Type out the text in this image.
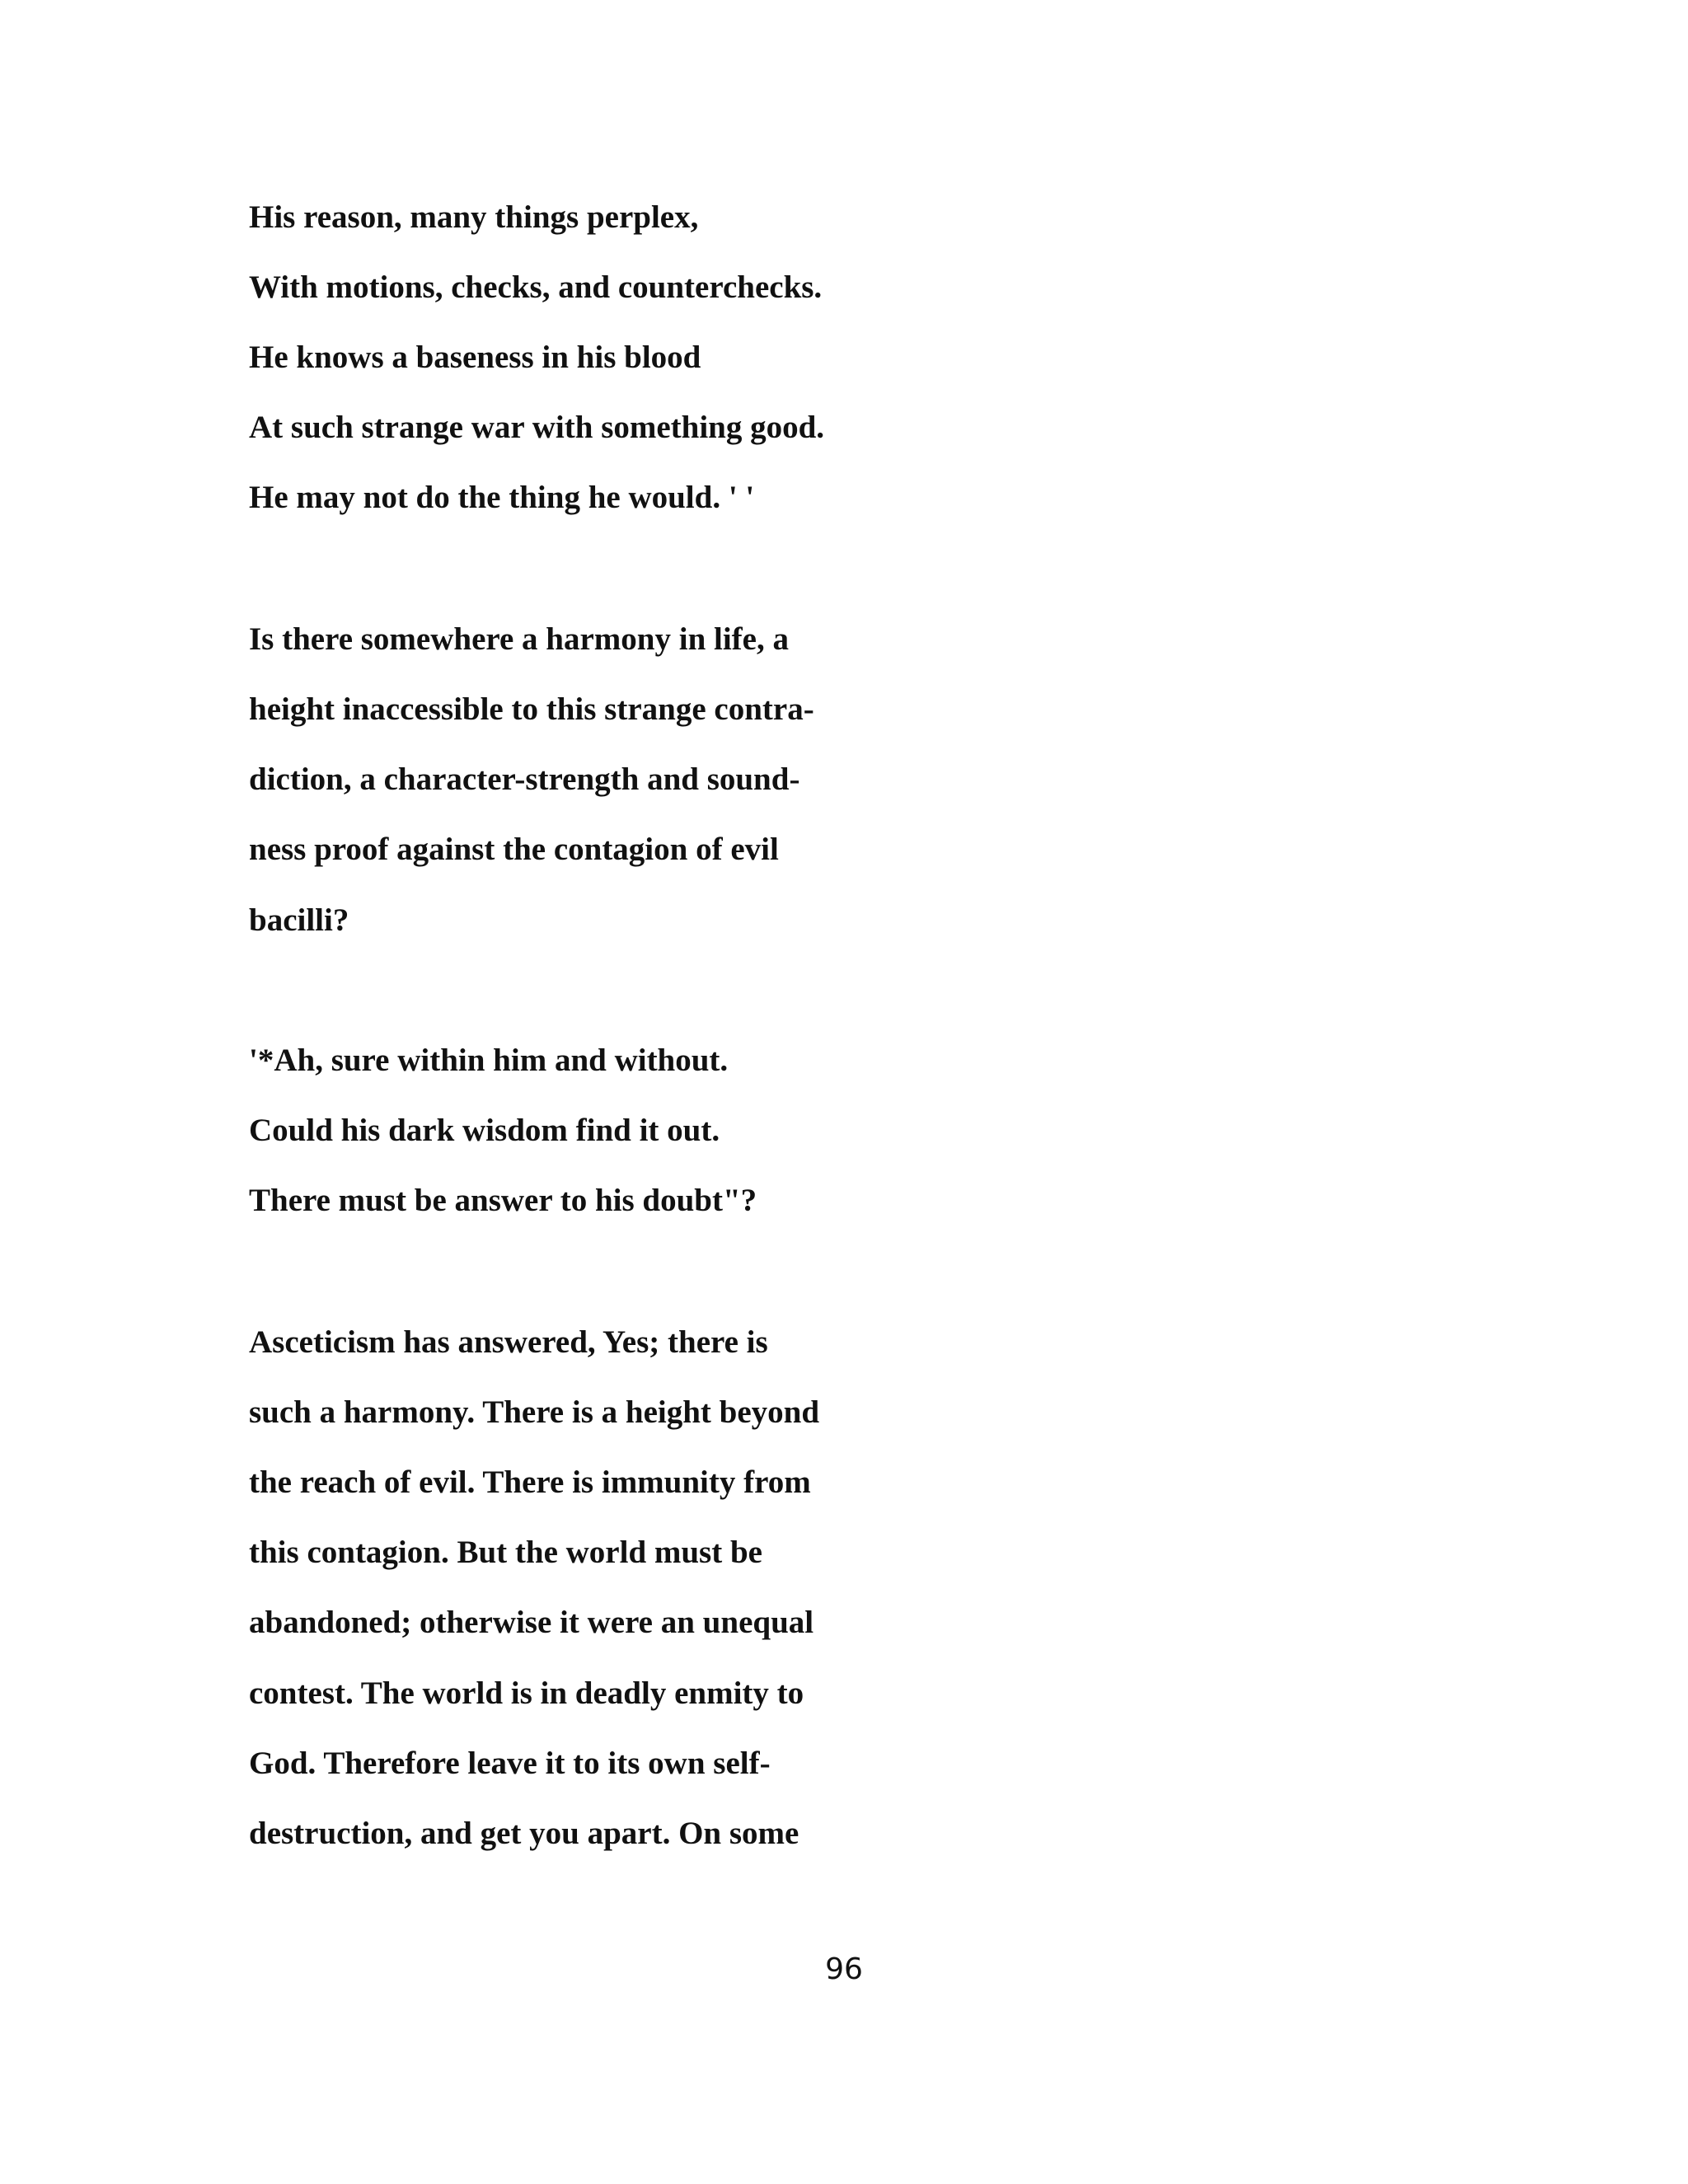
His reason, many things perplex,
With motions, checks, and counterchecks.
He knows a baseness in his blood
At such strange war with something good.
He may not do the thing he would. ' '
Is there somewhere a harmony in life, a
height inaccessible to this strange contra-
diction, a character-strength and sound-
ness proof against the contagion of evil
bacilli?
'*Ah, sure within him and without.
Could his dark wisdom find it out.
There must be answer to his doubt"?
Asceticism has answered, Yes; there is
such a harmony. There is a height beyond
the reach of evil. There is immunity from
this contagion. But the world must be
abandoned; otherwise it were an unequal
contest. The world is in deadly enmity to
God. Therefore leave it to its own self-
destruction, and get you apart. On some
96
